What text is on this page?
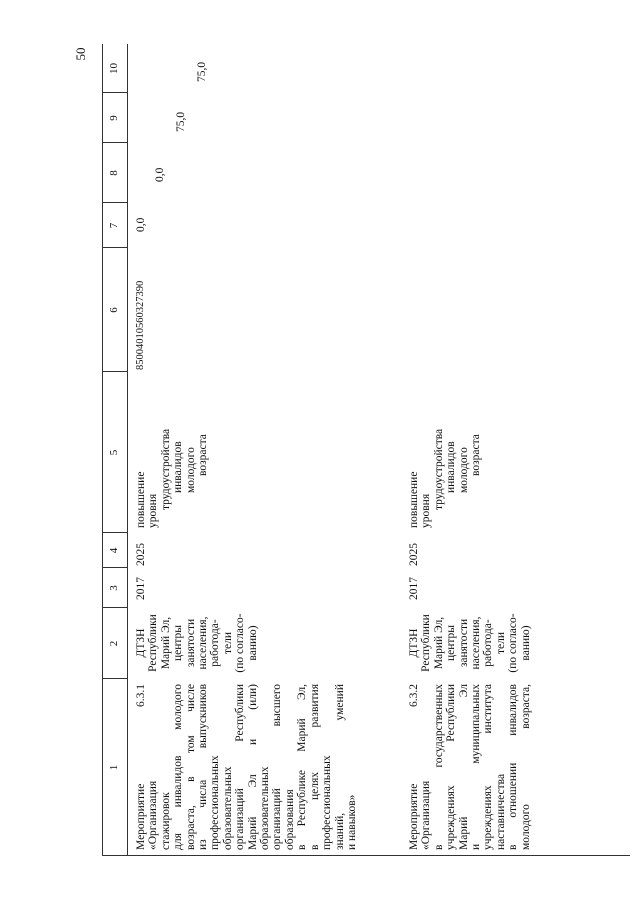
50
1
2
3
4
5
6
7
8
9
10
Мероприятие 6.3.1 «Организация стажировок для инвалидов молодого возраста, в том числе из числа выпускников профессиональных образовательных организаций Республики Марий Эл и (или) образовательных организаций высшего образования в Республике Марий Эл, в целях развития профессиональных знаний, умений и навыков»
ДТЗН Республики Марий Эл, центры занятости населения, работода- тели (по согласо- ванию)
2017
2025
повышение уровня
трудоустройства инвалидов молодого возраста
85004010560327390
0,0
0,0
75,0
75,0
Мероприятие 6.3.2 «Организация в государственных учреждениях Республики Марий Эл и муниципальных учреждениях института наставничества в отношении инвалидов молодого возраста,
ДТЗН Республики Марий Эл, центры занятости населения, работода- тели (по согласо- ванию)
2017
2025
повышение уровня
трудоустройства инвалидов молодого возраста
